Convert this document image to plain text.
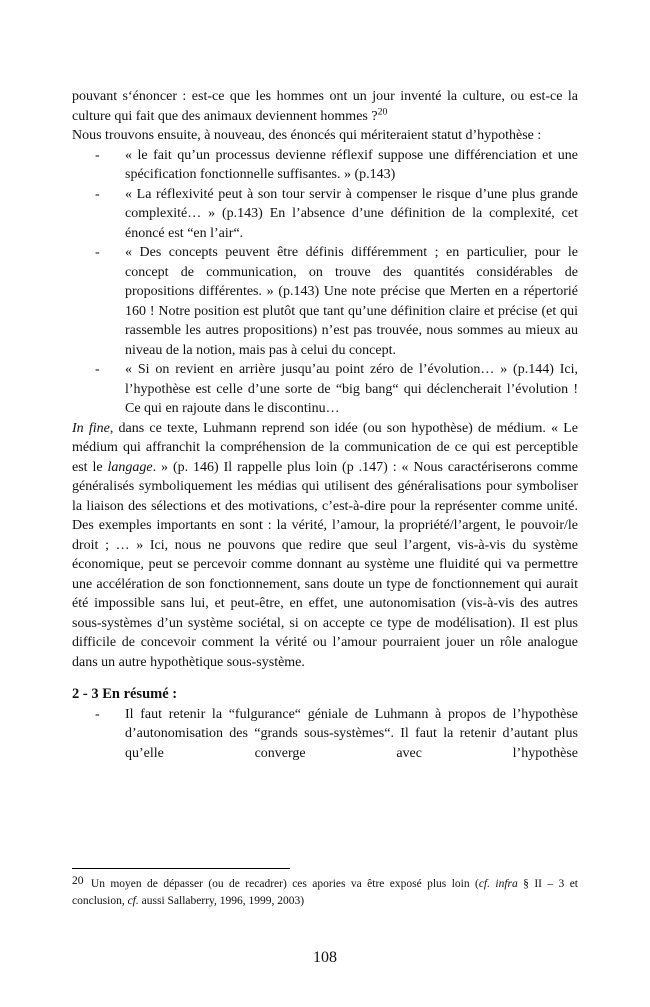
pouvant s‘énoncer : est-ce que les hommes ont un jour inventé la culture, ou est-ce la culture qui fait que des animaux deviennent hommes ?$^{20}$

Nous trouvons ensuite, à nouveau, des énoncés qui mériteraient statut d’hypothèse :

-	« le fait qu’un processus devienne réflexif suppose une différenciation et une spécification fonctionnelle suffisantes. » (p.143)
-	« La réflexivité peut à son tour servir à compenser le risque d’une plus grande complexité… » (p.143) En l’absence d’une définition de la complexité, cet énoncé est “en l’air“.
-	« Des concepts peuvent être définis différemment ; en particulier, pour le concept de communication, on trouve des quantités considérables de propositions différentes. » (p.143) Une note précise que Merten en a répertorié 160 ! Notre position est plutôt que tant qu’une définition claire et précise (et qui rassemble les autres propositions) n’est pas trouvée, nous sommes au mieux au niveau de la notion, mais pas à celui du concept.
-	« Si on revient en arrière jusqu’au point zéro de l’évolution… » (p.144) Ici, l’hypothèse est celle d’une sorte de “big bang“ qui déclencherait l’évolution ! Ce qui en rajoute dans le discontinu…

In fine, dans ce texte, Luhmann reprend son idée (ou son hypothèse) de médium. « Le médium qui affranchit la compréhension de la communication de ce qui est perceptible est le langage. » (p. 146) Il rappelle plus loin (p .147) : « Nous caractériserons comme généralisés symboliquement les médias qui utilisent des généralisations pour symboliser la liaison des sélections et des motivations, c’est-à-dire pour la représenter comme unité. Des exemples importants en sont : la vérité, l’amour, la propriété/l’argent, le pouvoir/le droit ; … » Ici, nous ne pouvons que redire que seul l’argent, vis-à-vis du système économique, peut se percevoir comme donnant au système une fluidité qui va permettre une accélération de son fonctionnement, sans doute un type de fonctionnement qui aurait été impossible sans lui, et peut-être, en effet, une autonomisation (vis-à-vis des autres sous-systèmes d’un système sociétal, si on accepte ce type de modélisation). Il est plus difficile de concevoir comment la vérité ou l’amour pourraient jouer un rôle analogue dans un autre hypothètique sous-système.

2 - 3 En résumé :

-	Il faut retenir la “fulgurance“ géniale de Luhmann à propos de l’hypothèse d’autonomisation des “grands sous-systèmes“. Il faut la retenir d’autant plus qu’elle converge avec l’hypothèse

20 Un moyen de dépasser (ou de recadrer) ces apories va être exposé plus loin (cf. infra § II – 3 et conclusion, cf. aussi Sallaberry, 1996, 1999, 2003)

108
